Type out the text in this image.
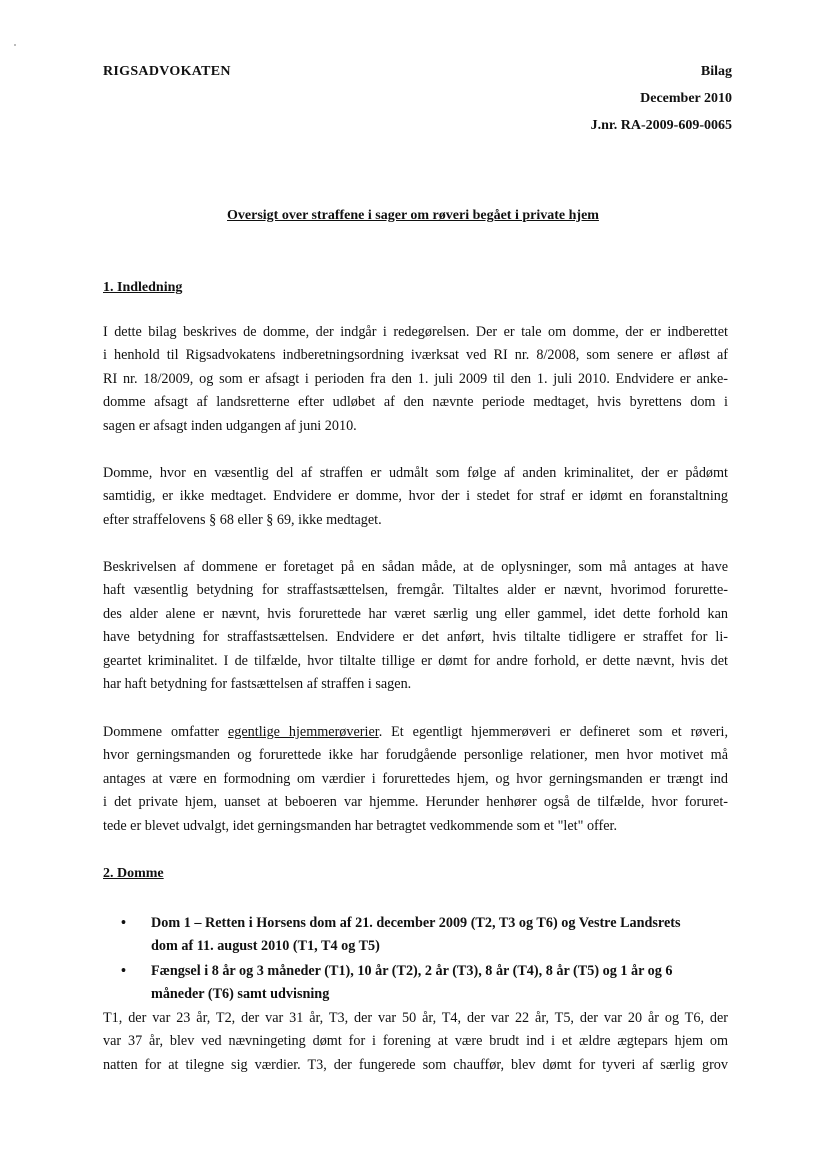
RIGSADVOKATEN	Bilag
December 2010
J.nr. RA-2009-609-0065
Oversigt over straffene i sager om røveri begået i private hjem
1. Indledning
I dette bilag beskrives de domme, der indgår i redegørelsen. Der er tale om domme, der er indberettet
i henhold til Rigsadvokatens indberetningsordning iværksat ved RI nr. 8/2008, som senere er afløst af
RI nr. 18/2009, og som er afsagt i perioden fra den 1. juli 2009 til den 1. juli 2010. Endvidere er anke-
domme afsagt af landsretterne efter udløbet af den nævnte periode medtaget, hvis byrettens dom i
sagen er afsagt inden udgangen af juni 2010.
Domme, hvor en væsentlig del af straffen er udmålt som følge af anden kriminalitet, der er pådømt
samtidig, er ikke medtaget. Endvidere er domme, hvor der i stedet for straf er idømt en foranstaltning
efter straffelovens § 68 eller § 69, ikke medtaget.
Beskrivelsen af dommene er foretaget på en sådan måde, at de oplysninger, som må antages at have
haft væsentlig betydning for straffastsættelsen, fremgår. Tiltaltes alder er nævnt, hvorimod forurette-
des alder alene er nævnt, hvis forurettede har været særlig ung eller gammel, idet dette forhold kan
have betydning for straffastsættelsen. Endvidere er det anført, hvis tiltalte tidligere er straffet for li-
geartet kriminalitet. I de tilfælde, hvor tiltalte tillige er dømt for andre forhold, er dette nævnt, hvis det
har haft betydning for fastsættelsen af straffen i sagen.
Dommene omfatter egentlige hjemmerøverier. Et egentligt hjemmerøveri er defineret som et røveri,
hvor gerningsmanden og forurettede ikke har forudgående personlige relationer, men hvor motivet må
antages at være en formodning om værdier i forurettedes hjem, og hvor gerningsmanden er trængt ind
i det private hjem, uanset at beboeren var hjemme. Herunder henhører også de tilfælde, hvor foruret-
tede er blevet udvalgt, idet gerningsmanden har betragtet vedkommende som et "let" offer.
2. Domme
• Dom 1 – Retten i Horsens dom af 21. december 2009 (T2, T3 og T6) og Vestre Landsrets
dom af 11. august 2010 (T1, T4 og T5)
• Fængsel i 8 år og 3 måneder (T1), 10 år (T2), 2 år (T3), 8 år (T4), 8 år (T5) og 1 år og 6
måneder (T6) samt udvisning
T1, der var 23 år, T2, der var 31 år, T3, der var 50 år, T4, der var 22 år, T5, der var 20 år og T6, der
var 37 år, blev ved nævningeting dømt for i forening at være brudt ind i et ældre ægtepars hjem om
natten for at tilegne sig værdier. T3, der fungerede som chauffør, blev dømt for tyveri af særlig grov
